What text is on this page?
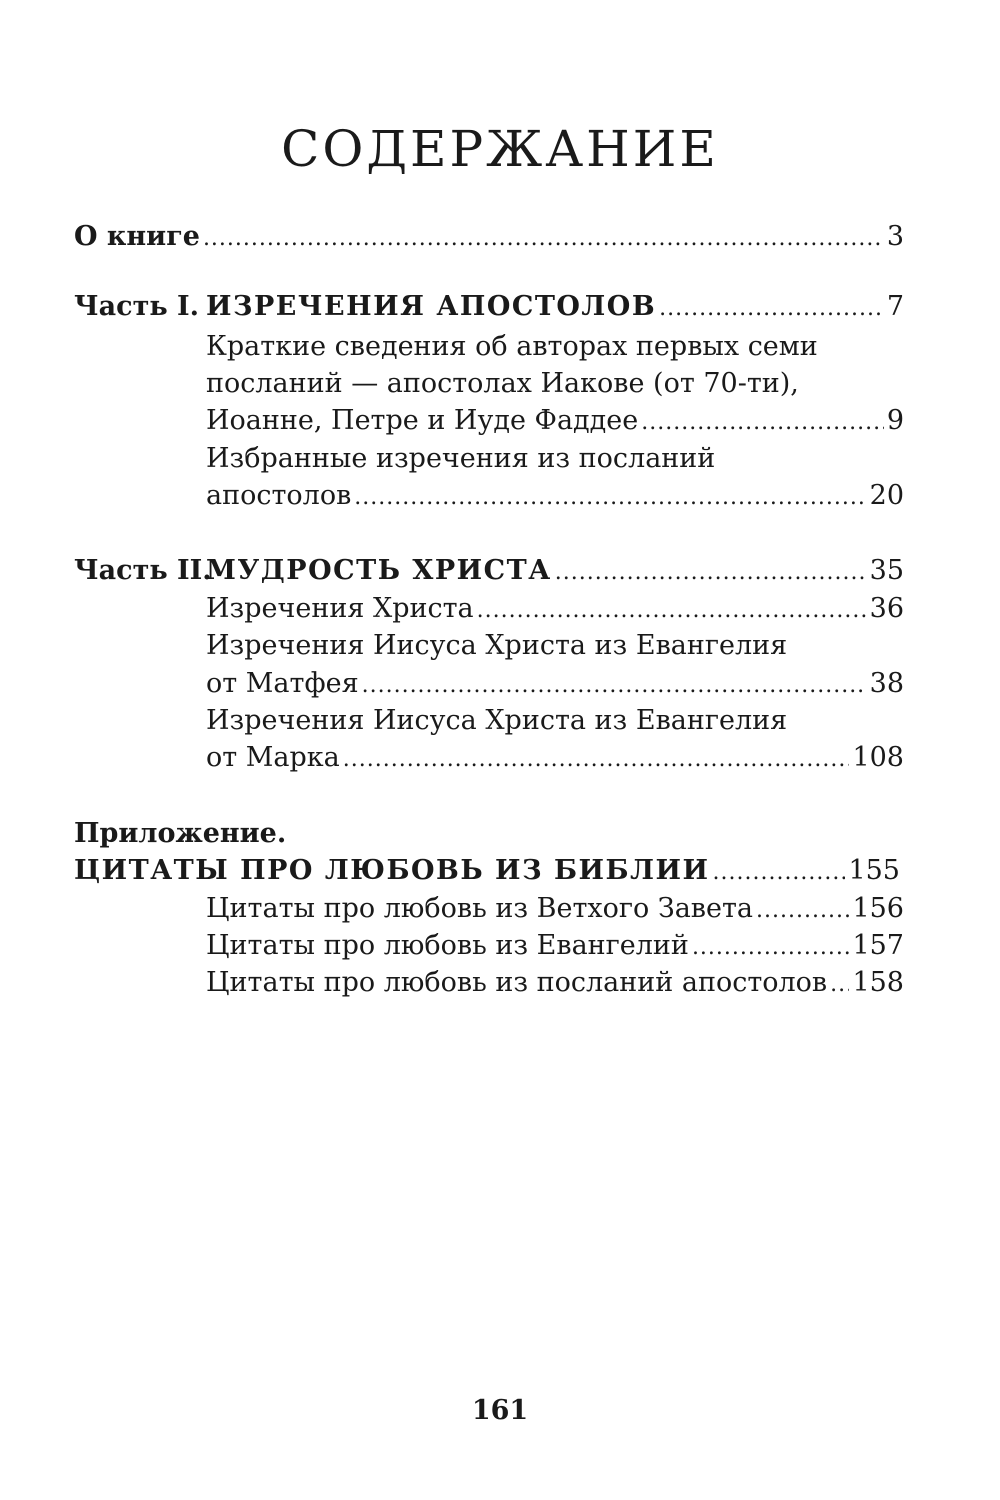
СОДЕРЖАНИЕ
О книге .....	3
Часть I. ИЗРЕЧЕНИЯ АПОСТОЛОВ .....	7
Краткие сведения об авторах первых семи
посланий — апостолах Иакове (от 70-ти),
Иоанне, Петре и Иуде Фаддее .....	9
Избранные изречения из посланий
апостолов .....	20
Часть II.
МУДРОСТЬ ХРИСТА .....	35
Изречения Христа .....	36
Изречения Иисуса Христа из Евангелия
от Матфея .....	38
Изречения Иисуса Христа из Евангелия
от Марка .....	108
Приложение.
ЦИТАТЫ ПРО ЛЮБОВЬ ИЗ БИБЛИИ .....	155
Цитаты про любовь из Ветхого Завета .....	156
Цитаты про любовь из Евангелий .....	157
Цитаты про любовь из посланий апостолов ..... 158
161
